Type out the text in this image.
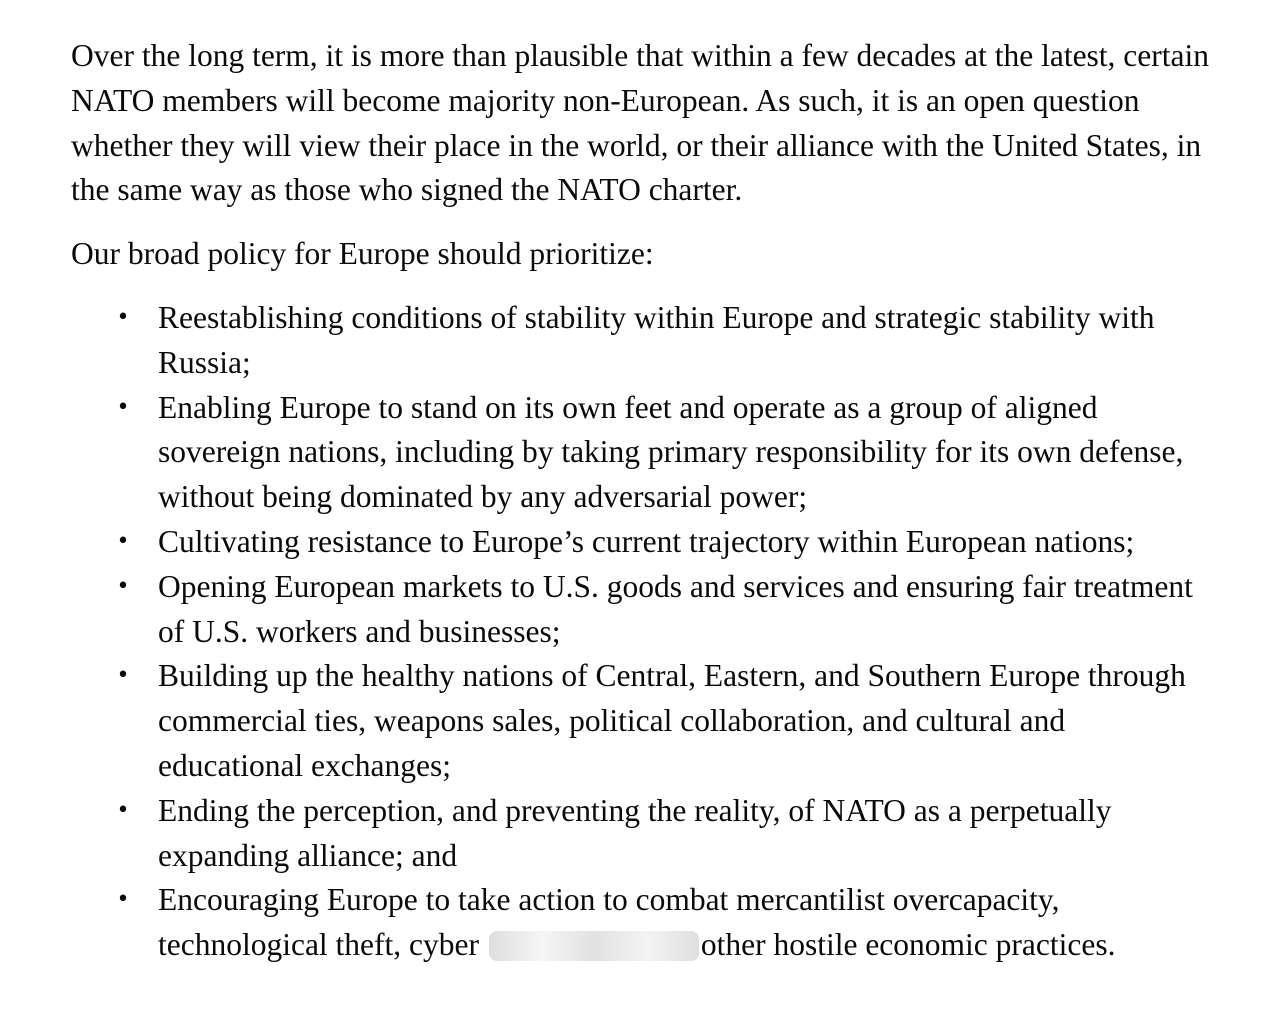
Over the long term, it is more than plausible that within a few decades at the latest, certain NATO members will become majority non-European. As such, it is an open question whether they will view their place in the world, or their alliance with the United States, in the same way as those who signed the NATO charter.

Our broad policy for Europe should prioritize:

• Reestablishing conditions of stability within Europe and strategic stability with Russia;
• Enabling Europe to stand on its own feet and operate as a group of aligned sovereign nations, including by taking primary responsibility for its own defense, without being dominated by any adversarial power;
• Cultivating resistance to Europe’s current trajectory within European nations;
• Opening European markets to U.S. goods and services and ensuring fair treatment of U.S. workers and businesses;
• Building up the healthy nations of Central, Eastern, and Southern Europe through commercial ties, weapons sales, political collaboration, and cultural and educational exchanges;
• Ending the perception, and preventing the reality, of NATO as a perpetually expanding alliance; and
• Encouraging Europe to take action to combat mercantilist overcapacity, technological theft, cyber	other hostile economic practices.
